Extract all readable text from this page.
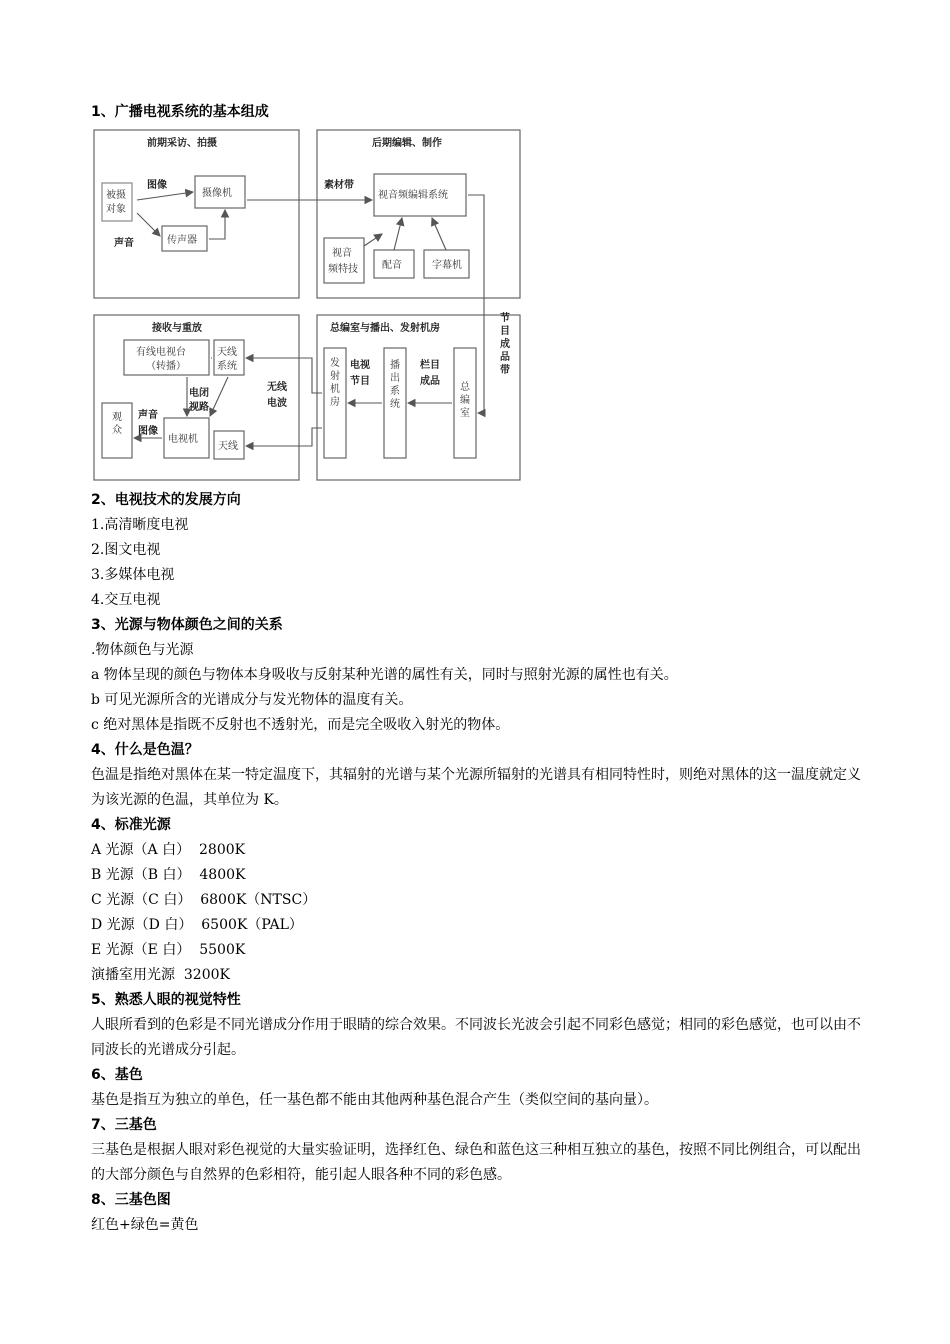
1、广播电视系统的基本组成
前期采访、拍摄	后期编辑、制作
接收与重放	总编室与播出、发射机房
被摄
对象
图像
声音
摄像机
传声器
素材带
视音频编辑系统
视音
频特技 配音	字幕机
有线电视台
（转播）
天线
系统
无线
电波
电闭
视路
观众
声音
图像
电视机
天线
发射机房
电视
节目
播出系统
栏目
成品
总编室
节目成品带
2、电视技术的发展方向
1.高清晰度电视
2.图文电视
3.多媒体电视
4.交互电视
3、光源与物体颜色之间的关系
.物体颜色与光源
a 物体呈现的颜色与物体本身吸收与反射某种光谱的属性有关，同时与照射光源的属性也有关。
b 可见光源所含的光谱成分与发光物体的温度有关。
c 绝对黑体是指既不反射也不透射光，而是完全吸收入射光的物体。
4、什么是色温？
色温是指绝对黑体在某一特定温度下，其辐射的光谱与某个光源所辐射的光谱具有相同特性时，则绝对黑体的这一温度就定义为该光源的色温，其单位为 K。
4、标准光源
A 光源（A 白）  2800K
B 光源（B 白）  4800K
C 光源（C 白）  6800K（NTSC）
D 光源（D 白）  6500K（PAL）
E 光源（E 白）  5500K
演播室用光源  3200K
5、熟悉人眼的视觉特性
人眼所看到的色彩是不同光谱成分作用于眼睛的综合效果。不同波长光波会引起不同彩色感觉；相同的彩色感觉，也可以由不同波长的光谱成分引起。
6、基色
基色是指互为独立的单色，任一基色都不能由其他两种基色混合产生（类似空间的基向量）。
7、三基色
三基色是根据人眼对彩色视觉的大量实验证明，选择红色、绿色和蓝色这三种相互独立的基色，按照不同比例组合，可以配出的大部分颜色与自然界的色彩相符，能引起人眼各种不同的彩色感。
8、三基色图
红色+绿色=黄色
